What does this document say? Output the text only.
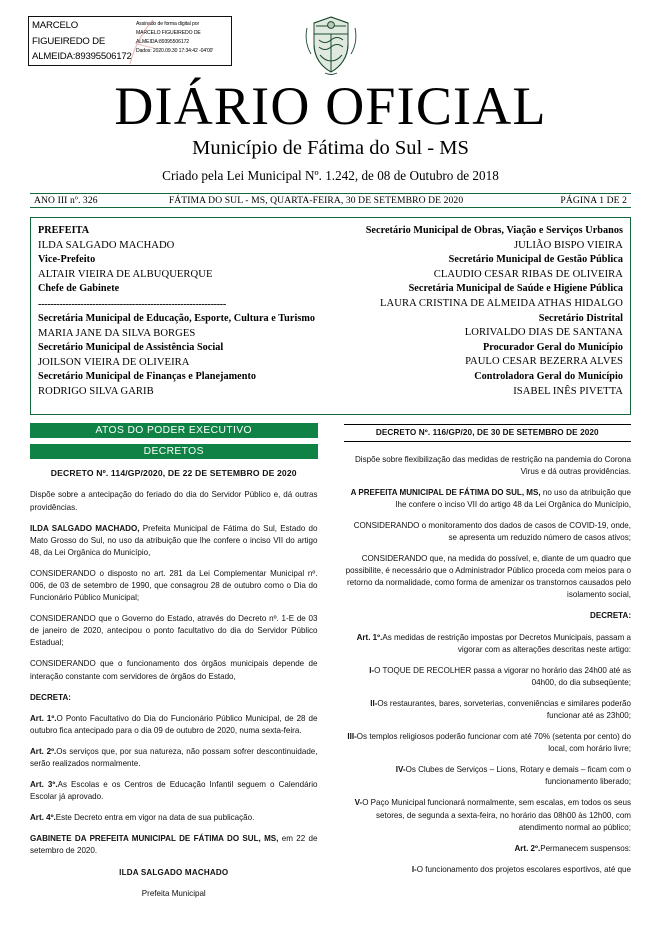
MARCELO FIGUEIREDO DE ALMEIDA:89395506172
Assinado de forma digital por
MARCELO FIGUEIREDO DE
ALMEIDA:89395506172
Dados: 2020.09.30 17:34:42 -04'00'
DIÁRIO OFICIAL
Município de Fátima do Sul - MS
Criado pela Lei Municipal Nº. 1.242, de 08 de Outubro de 2018
ANO III nº. 326	FÁTIMA DO SUL - MS, QUARTA-FEIRA, 30 DE SETEMBRO DE 2020	PÁGINA 1 DE 2
PREFEITA
ILDA SALGADO MACHADO
Vice-Prefeito
ALTAIR VIEIRA DE ALBUQUERQUE
Chefe de Gabinete
--------------------------------------------------------------
Secretária Municipal de Educação, Esporte, Cultura e Turismo
MARIA JANE DA SILVA BORGES
Secretário Municipal de Assistência Social
JOILSON VIEIRA DE OLIVEIRA
Secretário Municipal de Finanças e Planejamento
RODRIGO SILVA GARIB
Secretário Municipal de Obras, Viação e Serviços Urbanos
JULIÃO BISPO VIEIRA
Secretário Municipal de Gestão Pública
CLAUDIO CESAR RIBAS DE OLIVEIRA
Secretária Municipal de Saúde e Higiene Pública
LAURA CRISTINA DE ALMEIDA ATHAS HIDALGO
Secretário Distrital
LORIVALDO DIAS DE SANTANA
Procurador Geral do Município
PAULO CESAR BEZERRA ALVES
Controladora Geral do Município
ISABEL INÊS PIVETTA
ATOS DO PODER EXECUTIVO
DECRETOS
DECRETO Nº. 114/GP/2020, DE 22 DE SETEMBRO DE 2020

Dispõe sobre a antecipação do feriado do dia do Servidor Público e, dá outras providências.

ILDA SALGADO MACHADO, Prefeita Municipal de Fátima do Sul, Estado do Mato Grosso do Sul, no uso da atribuição que lhe confere o inciso VII do artigo 48, da Lei Orgânica do Município,

CONSIDERANDO o disposto no art. 281 da Lei Complementar Municipal nº. 006, de 03 de setembro de 1990, que consagrou 28 de outubro como o Dia do Funcionário Público Municipal;

CONSIDERANDO que o Governo do Estado, através do Decreto nº. 1-E de 03 de janeiro de 2020, antecipou o ponto facultativo do dia do Servidor Público Estadual;

CONSIDERANDO que o funcionamento dos órgãos municipais depende de interação constante com servidores de órgãos do Estado,

DECRETA:

Art. 1º.O Ponto Facultativo do Dia do Funcionário Público Municipal, de 28 de outubro fica antecipado para o dia 09 de outubro de 2020, numa sexta-feira.

Art. 2º.Os serviços que, por sua natureza, não possam sofrer descontinuidade, serão realizados normalmente.

Art. 3º.As Escolas e os Centros de Educação Infantil seguem o Calendário Escolar já aprovado.

Art. 4º.Este Decreto entra em vigor na data de sua publicação.

GABINETE DA PREFEITA MUNICIPAL DE FÁTIMA DO SUL, MS, em 22 de setembro de 2020.

ILDA SALGADO MACHADO

Prefeita Municipal

DECRETO Nº. 116/GP/20, DE 30 DE SETEMBRO DE 2020

Dispõe sobre flexibilização das medidas de restrição na pandemia do Corona Virus e dá outras providências.

A PREFEITA MUNICIPAL DE FÁTIMA DO SUL, MS, no uso da atribuição que lhe confere o inciso VII do artigo 48 da Lei Orgânica do Município,

CONSIDERANDO o monitoramento dos dados de casos de COVID-19, onde, se apresenta um reduzido número de casos ativos;

CONSIDERANDO que, na medida do possível, e, diante de um quadro que possibilite, é necessário que o Administrador Público proceda com meios para o retorno da normalidade, como forma de amenizar os transtornos causados pelo isolamento social,

DECRETA:

Art. 1º.As medidas de restrição impostas por Decretos Municipais, passam a vigorar com as alterações descritas neste artigo:

I-O TOQUE DE RECOLHER passa a vigorar no horário das 24h00 até as 04h00, do dia subseqüente;

II-Os restaurantes, bares, sorveterias, conveniências e similares poderão funcionar até as 23h00;

III-Os templos religiosos poderão funcionar com até 70% (setenta por cento) do local, com horário livre;

IV-Os Clubes de Serviços – Lions, Rotary e demais – ficam com o funcionamento liberado;

V-O Paço Municipal funcionará normalmente, sem escalas, em todos os seus setores, de segunda a sexta-feira, no horário das 08h00 às 12h00, com atendimento normal ao público;

Art. 2º.Permanecem suspensos:

I-O funcionamento dos projetos escolares esportivos, até que
